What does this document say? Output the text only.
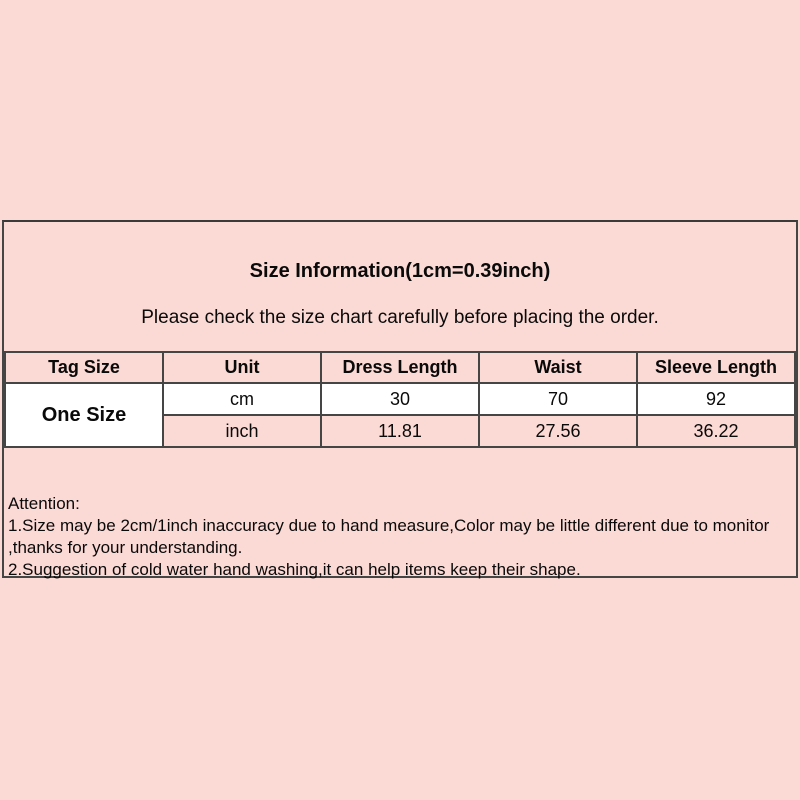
Size Information(1cm=0.39inch)
Please check the size chart carefully before placing the order.
Tag Size	Unit	Dress Length	Waist	Sleeve Length
One Size	cm	30	70	92
	inch	11.81	27.56	36.22
Attention:
1.Size may be 2cm/1inch inaccuracy due to hand measure,Color may be little different due to monitor
,thanks for your understanding.
2.Suggestion of cold water hand washing,it can help items keep their shape.
